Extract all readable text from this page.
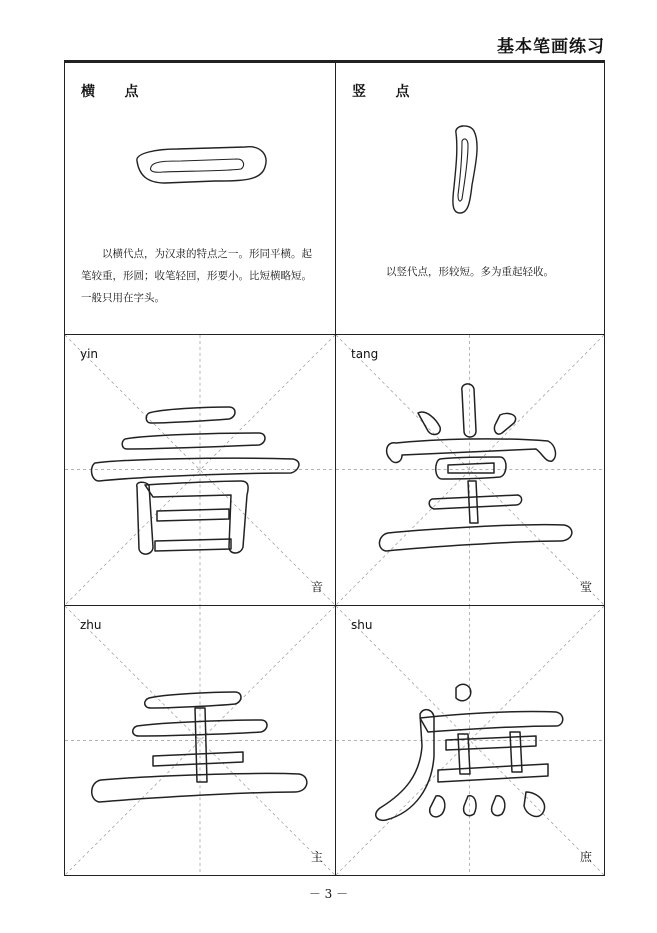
基本笔画练习
横    点
以横代点，为汉隶的特点之一。形同平横。起笔较重，形圆；收笔轻回，形要小。比短横略短。一般只用在字头。
竖    点
以竖代点，形较短。多为重起轻收。
yin
音
tang
堂
zhu
主
shu
庶
－ 3 －
